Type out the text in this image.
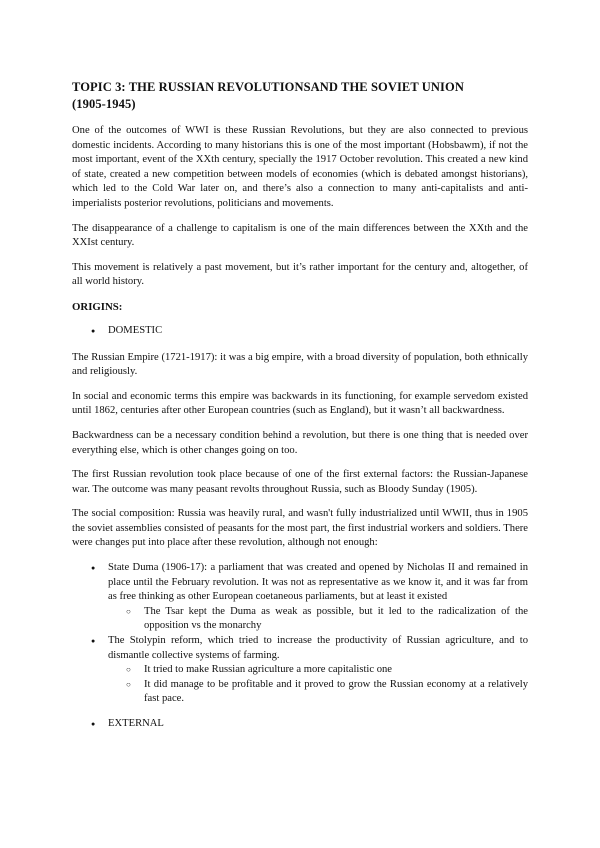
TOPIC 3: THE RUSSIAN REVOLUTIONSAND THE SOVIET UNION
(1905-1945)

One of the outcomes of WWI is these Russian Revolutions, but they are also connected to previous domestic incidents. According to many historians this is one of the most important (Hobsbawm), if not the most important, event of the XXth century, specially the 1917 October revolution. This created a new kind of state, created a new competition between models of economies (which is debated amongst historians), which led to the Cold War later on, and there’s also a connection to many anti-capitalists and anti-imperialists posterior revolutions, politicians and movements.

The disappearance of a challenge to capitalism is one of the main differences between the XXth and the XXIst century.

This movement is relatively a past movement, but it’s rather important for the century and, altogether, of all world history.

ORIGINS:
● DOMESTIC

The Russian Empire (1721-1917): it was a big empire, with a broad diversity of population, both ethnically and religiously.

In social and economic terms this empire was backwards in its functioning, for example servedom existed until 1862, centuries after other European countries (such as England), but it wasn’t all backwardness.

Backwardness can be a necessary condition behind a revolution, but there is one thing that is needed over everything else, which is other changes going on too.

The first Russian revolution took place because of one of the first external factors: the Russian-Japanese war. The outcome was many peasant revolts throughout Russia, such as Bloody Sunday (1905).

The social composition: Russia was heavily rural, and wasn't fully industrialized until WWII, thus in 1905 the soviet assemblies consisted of peasants for the most part, the first industrial workers and soldiers. There were changes put into place after these revolution, although not enough:

● State Duma (1906-17): a parliament that was created and opened by Nicholas II and remained in place until the February revolution. It was not as representative as we know it, and it was far from as free thinking as other European coetaneous parliaments, but at least it existed
○ The Tsar kept the Duma as weak as possible, but it led to the radicalization of the opposition vs the monarchy
● The Stolypin reform, which tried to increase the productivity of Russian agriculture, and to dismantle collective systems of farming.
○ It tried to make Russian agriculture a more capitalistic one
○ It did manage to be profitable and it proved to grow the Russian economy at a relatively fast pace.
● EXTERNAL
